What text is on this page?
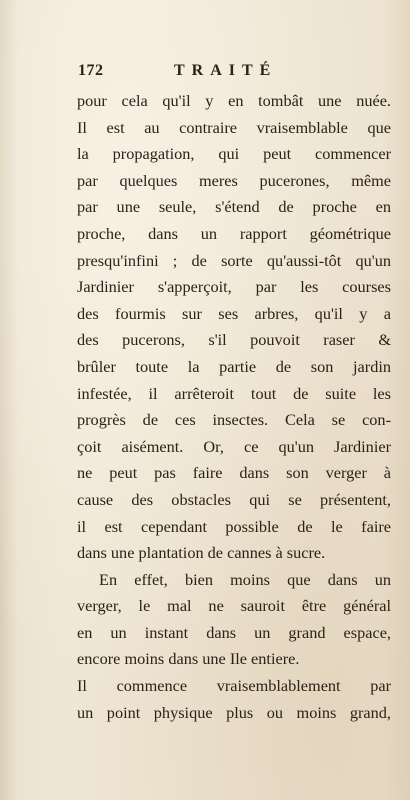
172	TRAITÉ
pour cela qu'il y en tombât une nuée.
Il est au contraire vraisemblable que
la propagation, qui peut commencer
par quelques meres pucerones, même
par une seule, s'étend de proche en
proche, dans un rapport géométrique
presqu'infini ; de sorte qu'aussi-tôt qu'un
Jardinier s'apperçoit, par les courses
des fourmis sur ses arbres, qu'il y a
des pucerons, s'il pouvoit raser &
brûler toute la partie de son jardin
infestée, il arrêteroit tout de suite les
progrès de ces insectes. Cela se con-
çoit aisément. Or, ce qu'un Jardinier
ne peut pas faire dans son verger à
cause des obstacles qui se présentent,
il est cependant possible de le faire
dans une plantation de cannes à sucre.
En effet, bien moins que dans un
verger, le mal ne sauroit être général
en un instant dans un grand espace,
encore moins dans une Ile entiere.
Il commence vraisemblablement par
un point physique plus ou moins grand,
